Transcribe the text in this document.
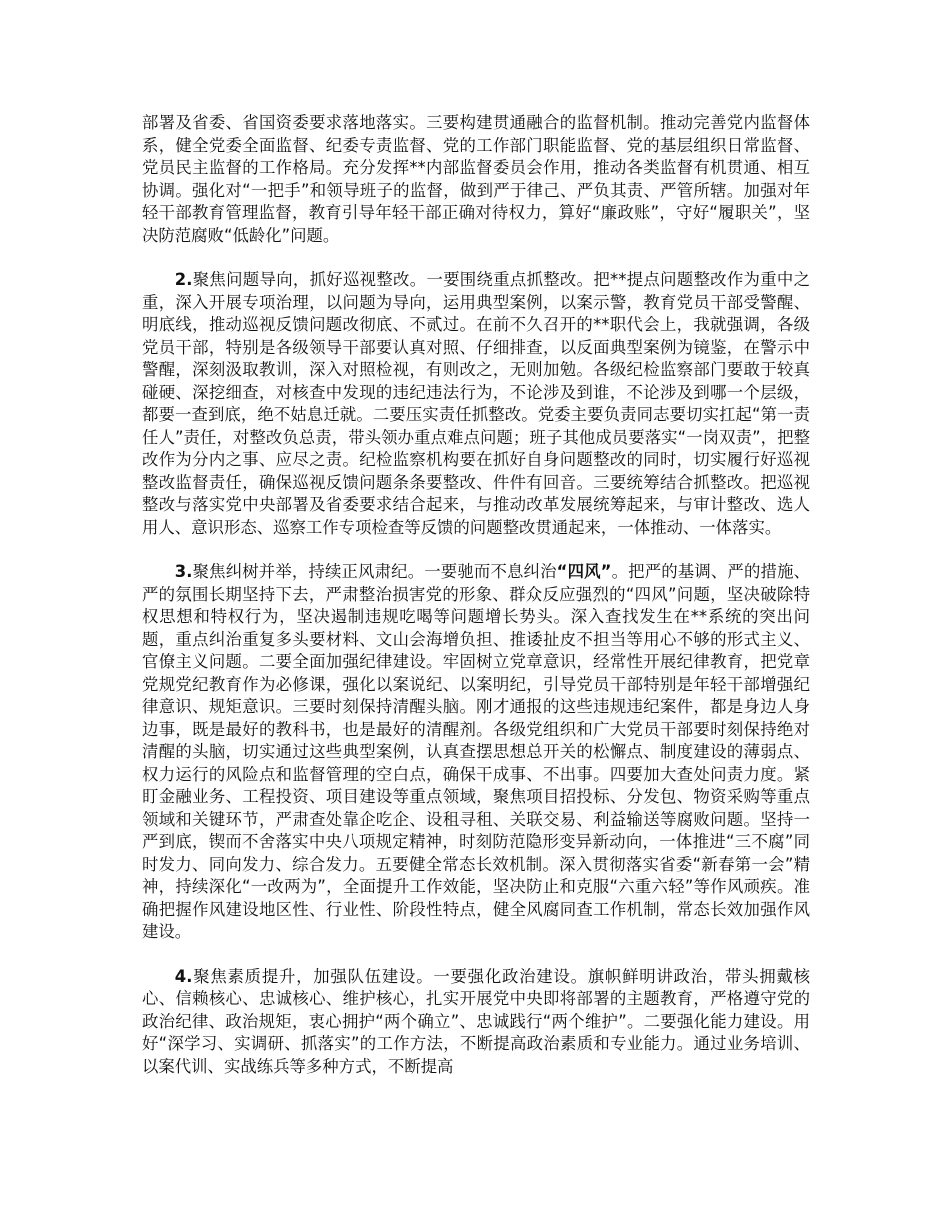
部署及省委、省国资委要求落地落实。三要构建贯通融合的监督机制。推动完善党内监督体系，健全党委全面监督、纪委专责监督、党的工作部门职能监督、党的基层组织日常监督、党员民主监督的工作格局。充分发挥**内部监督委员会作用，推动各类监督有机贯通、相互协调。强化对“一把手”和领导班子的监督，做到严于律己、严负其责、严管所辖。加强对年轻干部教育管理监督，教育引导年轻干部正确对待权力，算好“廉政账”，守好“履职关”，坚决防范腐败“低龄化”问题。

2.聚焦问题导向，抓好巡视整改。一要围绕重点抓整改。把**提点问题整改作为重中之重，深入开展专项治理，以问题为导向，运用典型案例，以案示警，教育党员干部受警醒、明底线，推动巡视反馈问题改彻底、不贰过。在前不久召开的**职代会上，我就强调，各级党员干部，特别是各级领导干部要认真对照、仔细排查，以反面典型案例为镜鉴，在警示中警醒，深刻汲取教训，深入对照检视，有则改之，无则加勉。各级纪检监察部门要敢于较真碰硬、深挖细查，对核查中发现的违纪违法行为，不论涉及到谁，不论涉及到哪一个层级，都要一查到底，绝不姑息迁就。二要压实责任抓整改。党委主要负责同志要切实扛起“第一责任人”责任，对整改负总责，带头领办重点难点问题；班子其他成员要落实“一岗双责”，把整改作为分内之事、应尽之责。纪检监察机构要在抓好自身问题整改的同时，切实履行好巡视整改监督责任，确保巡视反馈问题条条要整改、件件有回音。三要统筹结合抓整改。把巡视整改与落实党中央部署及省委要求结合起来，与推动改革发展统筹起来，与审计整改、选人用人、意识形态、巡察工作专项检查等反馈的问题整改贯通起来，一体推动、一体落实。

3.聚焦纠树并举，持续正风肃纪。一要驰而不息纠治“四风”。把严的基调、严的措施、严的氛围长期坚持下去，严肃整治损害党的形象、群众反应强烈的“四风”问题，坚决破除特权思想和特权行为，坚决遏制违规吃喝等问题增长势头。深入查找发生在**系统的突出问题，重点纠治重复多头要材料、文山会海增负担、推诿扯皮不担当等用心不够的形式主义、官僚主义问题。二要全面加强纪律建设。牢固树立党章意识，经常性开展纪律教育，把党章党规党纪教育作为必修课，强化以案说纪、以案明纪，引导党员干部特别是年轻干部增强纪律意识、规矩意识。三要时刻保持清醒头脑。刚才通报的这些违规违纪案件，都是身边人身边事，既是最好的教科书，也是最好的清醒剂。各级党组织和广大党员干部要时刻保持绝对清醒的头脑，切实通过这些典型案例，认真查摆思想总开关的松懈点、制度建设的薄弱点、权力运行的风险点和监督管理的空白点，确保干成事、不出事。四要加大查处问责力度。紧盯金融业务、工程投资、项目建设等重点领域，聚焦项目招投标、分发包、物资采购等重点领域和关键环节，严肃查处靠企吃企、设租寻租、关联交易、利益输送等腐败问题。坚持一严到底，锲而不舍落实中央八项规定精神，时刻防范隐形变异新动向，一体推进“三不腐”同时发力、同向发力、综合发力。五要健全常态长效机制。深入贯彻落实省委“新春第一会”精神，持续深化“一改两为”，全面提升工作效能，坚决防止和克服“六重六轻”等作风顽疾。准确把握作风建设地区性、行业性、阶段性特点，健全风腐同查工作机制，常态长效加强作风建设。

4.聚焦素质提升，加强队伍建设。一要强化政治建设。旗帜鲜明讲政治，带头拥戴核心、信赖核心、忠诚核心、维护核心，扎实开展党中央即将部署的主题教育，严格遵守党的政治纪律、政治规矩，衷心拥护“两个确立”、忠诚践行“两个维护”。二要强化能力建设。用好“深学习、实调研、抓落实”的工作方法，不断提高政治素质和专业能力。通过业务培训、以案代训、实战练兵等多种方式，不断提高
